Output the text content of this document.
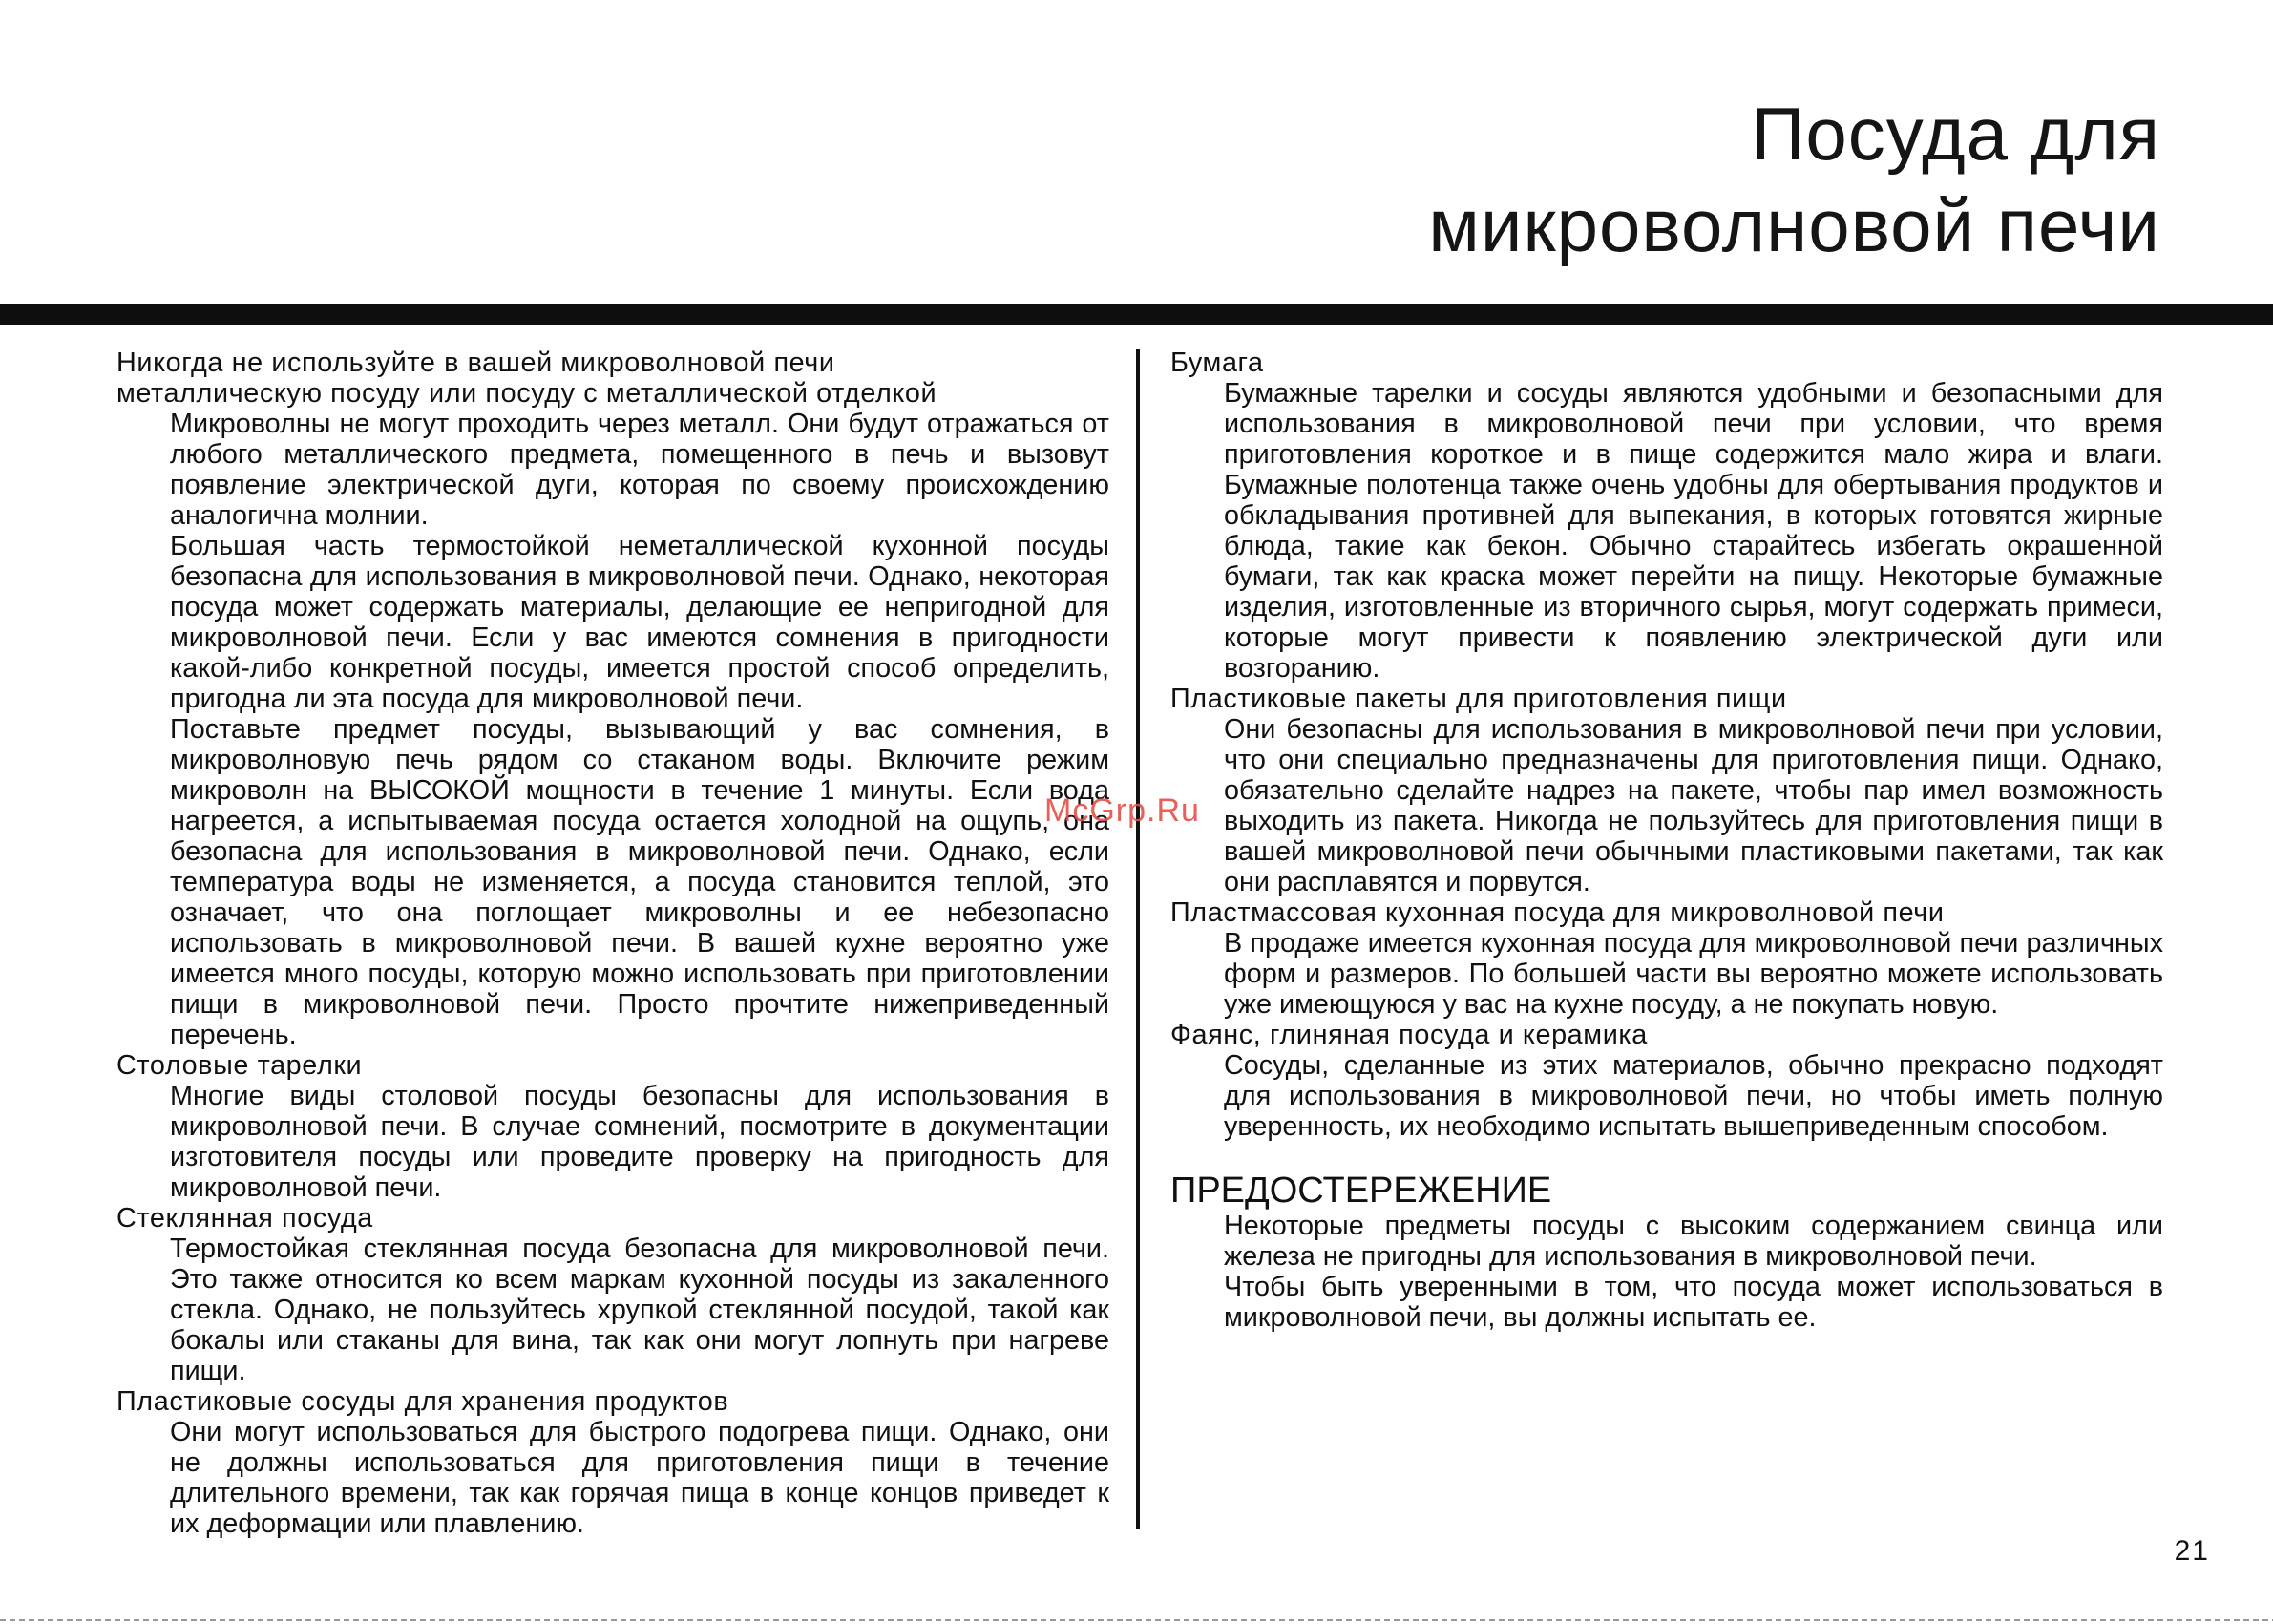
Посуда для
микроволновой печи

Никогда не используйте в вашей микроволновой печи
металлическую посуду или посуду с металлической отделкой

Микроволны не могут проходить через металл. Они будут отражаться от любого металлического предмета, помещенного в печь и вызовут появление электрической дуги, которая по своему происхождению аналогична молнии.

Большая часть термостойкой неметаллической кухонной посуды безопасна для использования в микроволновой печи. Однако, некоторая посуда может содержать материалы, делающие ее непригодной для микроволновой печи. Если у вас имеются сомнения в пригодности какой-либо конкретной посуды, имеется простой способ определить, пригодна ли эта посуда для микроволновой печи.

Поставьте предмет посуды, вызывающий у вас сомнения, в микроволновую печь рядом со стаканом воды. Включите режим микроволн на ВЫСОКОЙ мощности в течение 1 минуты. Если вода нагреется, а испытываемая посуда остается холодной на ощупь, она безопасна для использования в микроволновой печи. Однако, если температура воды не изменяется, а посуда становится теплой, это означает, что она поглощает микроволны и ее небезопасно использовать в микроволновой печи. В вашей кухне вероятно уже имеется много посуды, которую можно использовать при приготовлении пищи в микроволновой печи. Просто прочтите нижеприведенный перечень.

Столовые тарелки

Многие виды столовой посуды безопасны для использования в микроволновой печи. В случае сомнений, посмотрите в документации изготовителя посуды или проведите проверку на пригодность для микроволновой печи.

Стеклянная посуда

Термостойкая стеклянная посуда безопасна для микроволновой печи. Это также относится ко всем маркам кухонной посуды из закаленного стекла. Однако, не пользуйтесь хрупкой стеклянной посудой, такой как бокалы или стаканы для вина, так как они могут лопнуть при нагреве пищи.

Пластиковые сосуды для хранения продуктов

Они могут использоваться для быстрого подогрева пищи. Однако, они не должны использоваться для приготовления пищи в течение длительного времени, так как горячая пища в конце концов приведет к их деформации или плавлению.

Бумага

Бумажные тарелки и сосуды являются удобными и безопасными для использования в микроволновой печи при условии, что время приготовления короткое и в пище содержится мало жира и влаги. Бумажные полотенца также очень удобны для обертывания продуктов и обкладывания противней для выпекания, в которых готовятся жирные блюда, такие как бекон. Обычно старайтесь избегать окрашенной бумаги, так как краска может перейти на пищу. Некоторые бумажные изделия, изготовленные из вторичного сырья, могут содержать примеси, которые могут привести к появлению электрической дуги или возгоранию.

Пластиковые пакеты для приготовления пищи

Они безопасны для использования в микроволновой печи при условии, что они специально предназначены для приготовления пищи. Однако, обязательно сделайте надрез на пакете, чтобы пар имел возможность выходить из пакета. Никогда не пользуйтесь для приготовления пищи в вашей микроволновой печи обычными пластиковыми пакетами, так как они расплавятся и порвутся.

Пластмассовая кухонная посуда для микроволновой печи

В продаже имеется кухонная посуда для микроволновой печи различных форм и размеров. По большей части вы вероятно можете использовать уже имеющуюся у вас на кухне посуду, а не покупать новую.

Фаянс, глиняная посуда и керамика

Сосуды, сделанные из этих материалов, обычно прекрасно подходят для использования в микроволновой печи, но чтобы иметь полную уверенность, их необходимо испытать вышеприведенным способом.

ПРЕДОСТЕРЕЖЕНИЕ

Некоторые предметы посуды с высоким содержанием свинца или железа не пригодны для использования в микроволновой печи.

Чтобы быть уверенными в том, что посуда может использоваться в микроволновой печи, вы должны испытать ее.

McGrp.Ru
21
